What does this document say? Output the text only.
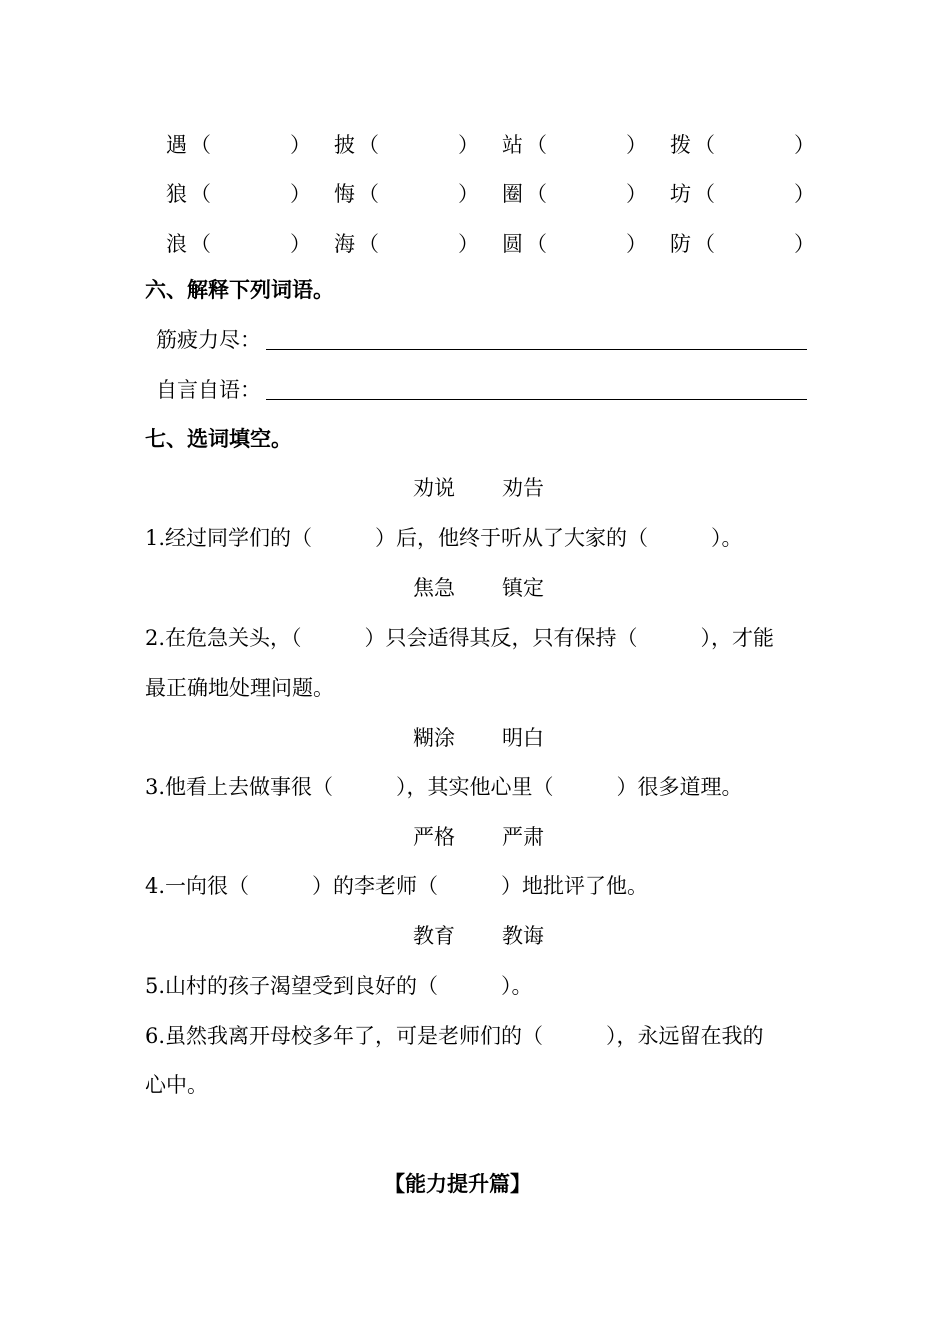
遇 （	） 披 （	） 站 （	） 拨 （	）
狼 （	） 悔 （	） 圈 （	） 坊 （	）
浪 （	） 海 （	） 圆 （	） 防 （	）
六、解释下列词语。
筋疲力尽：
自言自语：
七、选词填空。
劝说 劝告
1.经过同学们的（　　　）后，他终于听从了大家的（　　　）。
焦急 镇定
2.在危急关头，（　　　）只会适得其反，只有保持（　　　），才能
最正确地处理问题。
糊涂 明白
3.他看上去做事很（　　　），其实他心里（　　　）很多道理。
严格 严肃
4.一向很（　　　）的李老师（　　　）地批评了他。
教育 教诲
5.山村的孩子渴望受到良好的（　　　）。
6.虽然我离开母校多年了，可是老师们的（　　　），永远留在我的
心中。
【能力提升篇】
